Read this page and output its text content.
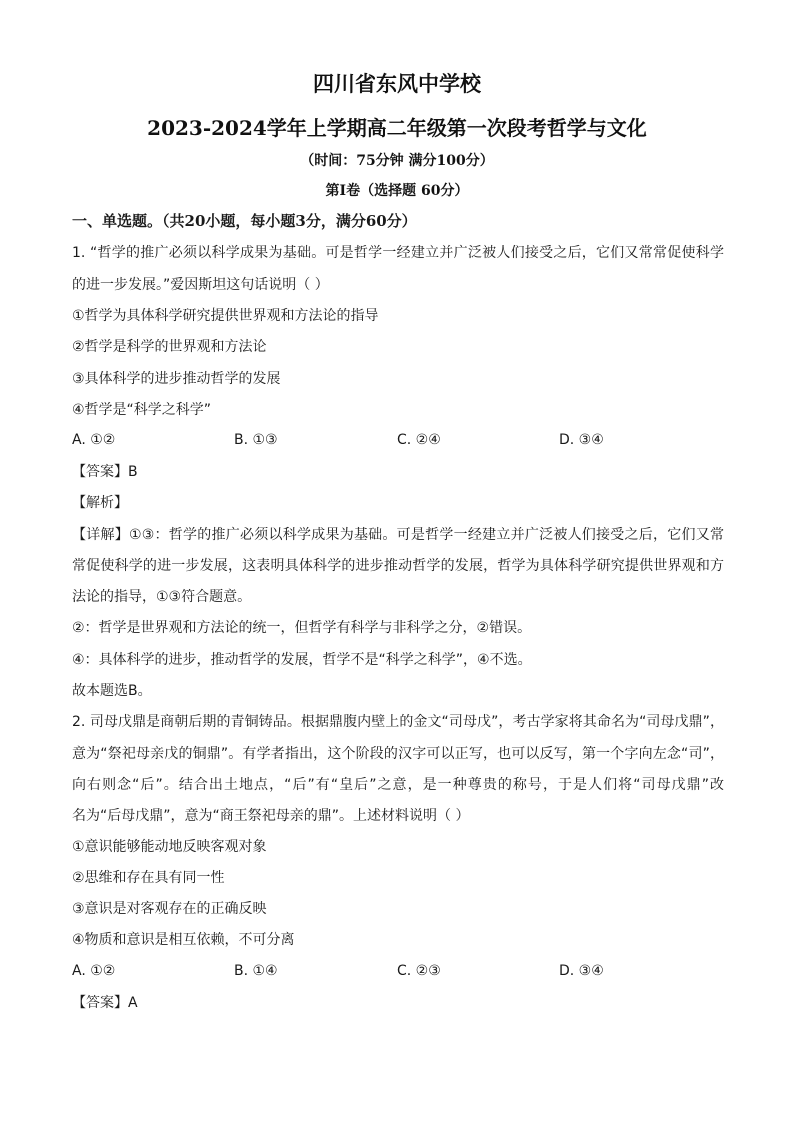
四川省东风中学校
2023-2024学年上学期高二年级第一次段考哲学与文化
（时间：75分钟 满分100分）
第I卷（选择题 60分）
一、单选题。（共20小题，每小题3分，满分60分）
1. “哲学的推广必须以科学成果为基础。可是哲学一经建立并广泛被人们接受之后，它们又常常促使科学
的进一步发展。”爱因斯坦这句话说明（ ）
①哲学为具体科学研究提供世界观和方法论的指导
②哲学是科学的世界观和方法论
③具体科学的进步推动哲学的发展
④哲学是“科学之科学”
A. ①②	B. ①③	C. ②④	D. ③④
【答案】B
【解析】
【详解】①③：哲学的推广必须以科学成果为基础。可是哲学一经建立并广泛被人们接受之后，它们又常
常促使科学的进一步发展，这表明具体科学的进步推动哲学的发展，哲学为具体科学研究提供世界观和方
法论的指导，①③符合题意。
②：哲学是世界观和方法论的统一，但哲学有科学与非科学之分，②错误。
④：具体科学的进步，推动哲学的发展，哲学不是“科学之科学”，④不选。
故本题选B。
2. 司母戊鼎是商朝后期的青铜铸品。根据鼎腹内壁上的金文“司母戊”，考古学家将其命名为“司母戊鼎”，
意为“祭祀母亲戊的铜鼎”。有学者指出，这个阶段的汉字可以正写，也可以反写，第一个字向左念“司”，
向右则念“后”。结合出土地点，“后”有“皇后”之意，是一种尊贵的称号，于是人们将“司母戊鼎”改
名为“后母戊鼎”，意为“商王祭祀母亲的鼎”。上述材料说明（ ）
①意识能够能动地反映客观对象
②思维和存在具有同一性
③意识是对客观存在的正确反映
④物质和意识是相互依赖，不可分离
A. ①②	B. ①④	C. ②③	D. ③④
【答案】A
